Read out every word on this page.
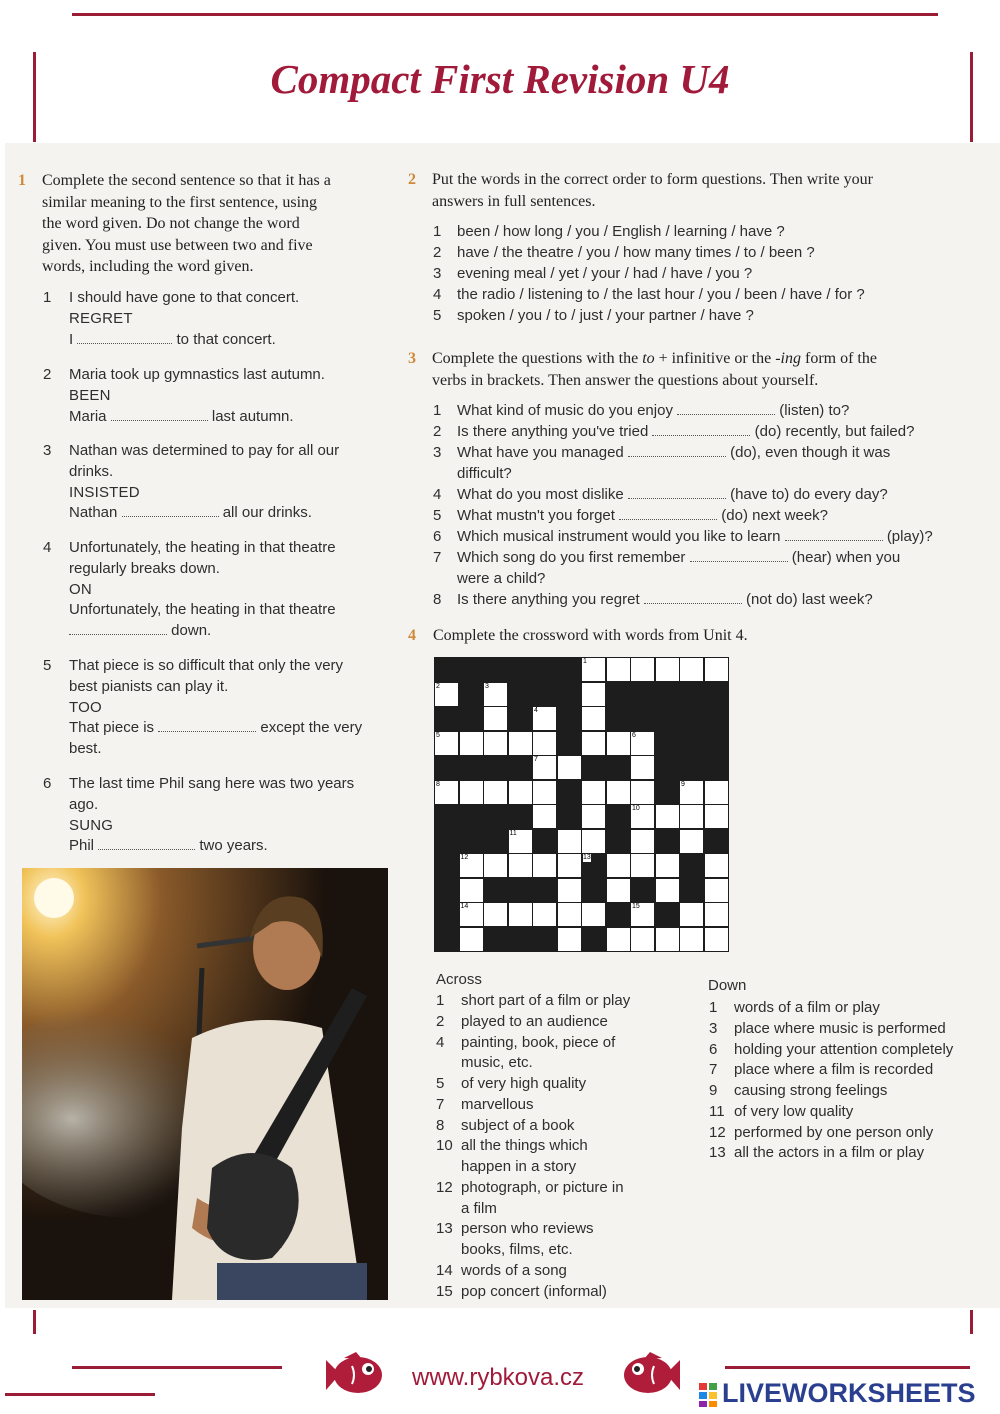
Compact First Revision U4
1 Complete the second sentence so that it has a
similar meaning to the first sentence, using
the word given. Do not change the word
given. You must use between two and five
words, including the word given.
1 I should have gone to that concert.
REGRET
I	to that concert.
2 Maria took up gymnastics last autumn.
BEEN
Maria	last autumn.
3 Nathan was determined to pay for all our
drinks.
INSISTED
Nathan	all our drinks.
4 Unfortunately, the heating in that theatre
regularly breaks down.
ON
Unfortunately, the heating in that theatre
down.
5 That piece is so difficult that only the very
best pianists can play it.
TOO
That piece is	except the very
best.
6 The last time Phil sang here was two years
ago.
SUNG
Phil	two years.
2 Put the words in the correct order to form questions. Then write your
answers in full sentences.
1 been / how long / you / English / learning / have ?
2 have / the theatre / you / how many times / to / been ?
3 evening meal / yet / your / had / have / you ?
4 the radio / listening to / the last hour / you / been / have / for ?
5 spoken / you / to / just / your partner / have ?
3 Complete the questions with the to + infinitive or the -ing form of the
verbs in brackets. Then answer the questions about yourself.
1 What kind of music do you enjoy	(listen) to?
2 Is there anything you've tried	(do) recently, but failed?
3 What have you managed	(do), even though it was
difficult?
4 What do you most dislike	(have to) do every day?
5 What mustn't you forget	(do) next week?
6 Which musical instrument would you like to learn	(play)?
7 Which song do you first remember	(hear) when you
were a child?
8 Is there anything you regret	(not do) last week?
4 Complete the crossword with words from Unit 4.
1
2	3
4
5	6
7
8	9
10
11
12	13
14	15
Across
1 short part of a film or play
2 played to an audience
4 painting, book, piece of
music, etc.
5 of very high quality
7 marvellous
8 subject of a book
10 all the things which
happen in a story
12 photograph, or picture in
a film
13 person who reviews
books, films, etc.
14 words of a song
15 pop concert (informal)
Down
1 words of a film or play
3 place where music is performed
6 holding your attention completely
7 place where a film is recorded
9 causing strong feelings
11 of very low quality
12 performed by one person only
13 all the actors in a film or play
www.rybkova.cz
LIVEWORKSHEETS
